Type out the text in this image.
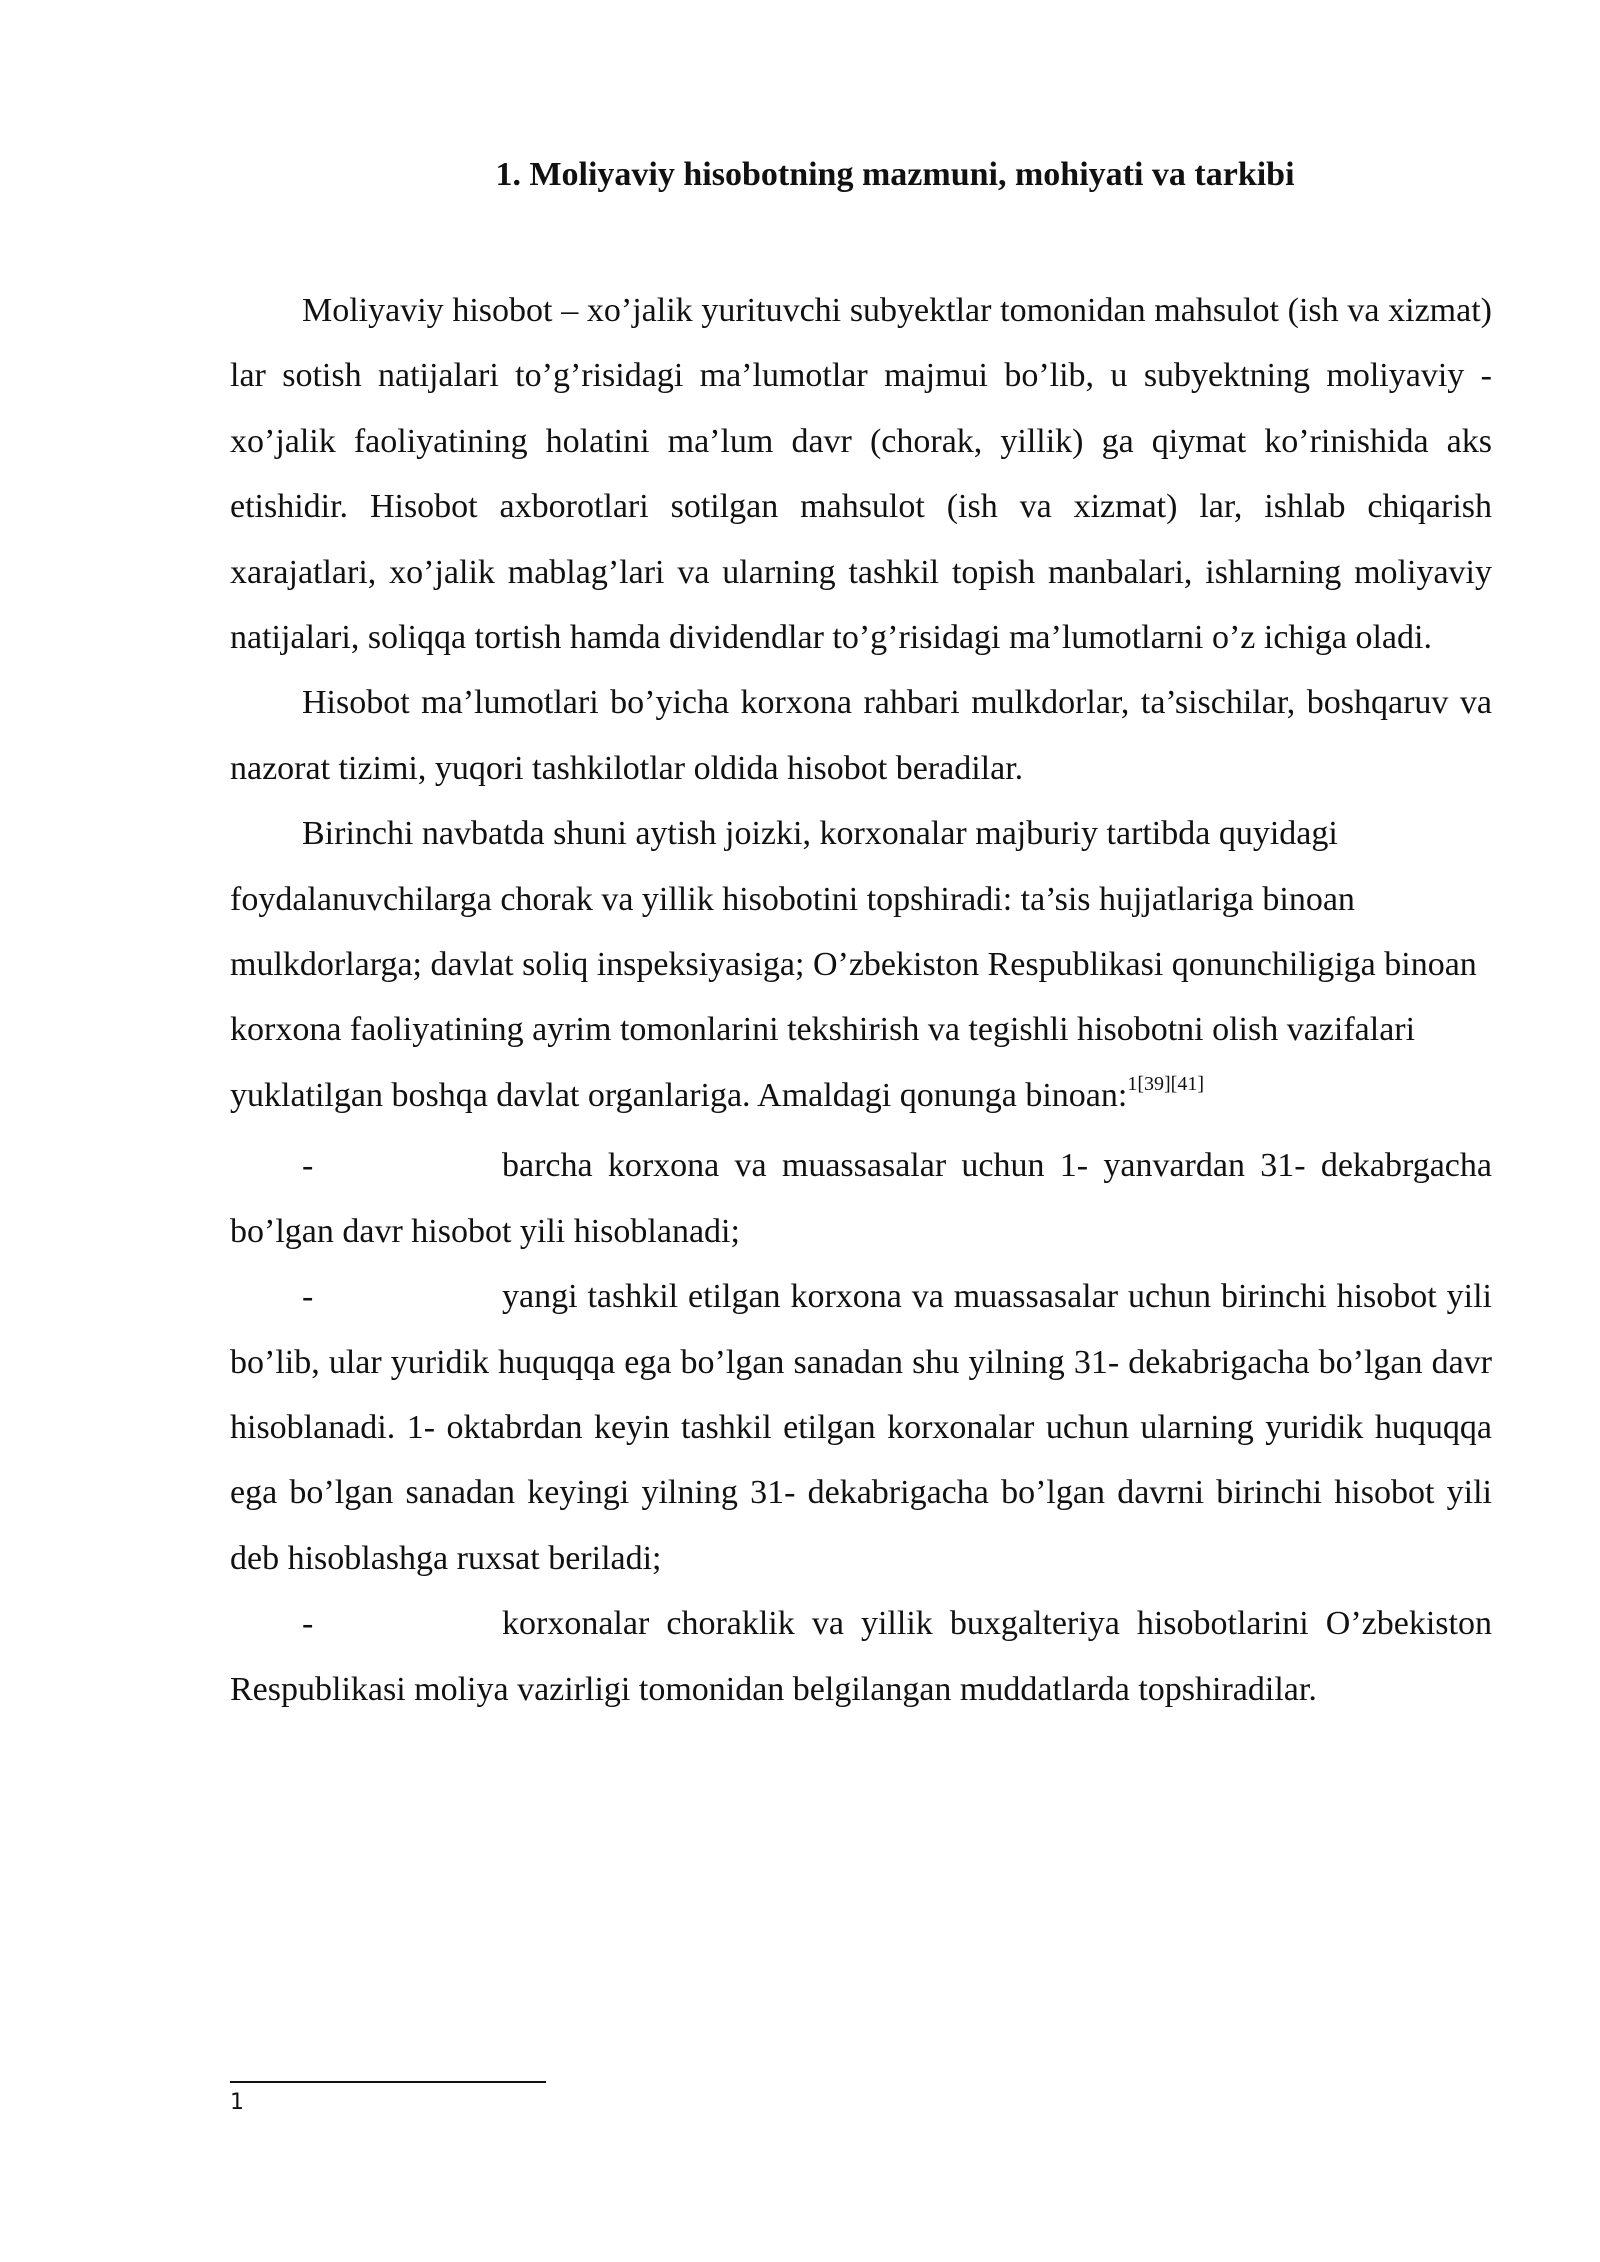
1. Moliyaviy hisobotning mazmuni, mohiyati va tarkibi

Moliyaviy hisobot – xo’jalik yurituvchi subyektlar tomonidan mahsulot (ish va xizmat) lar sotish natijalari to’g’risidagi ma’lumotlar majmui bo’lib, u subyektning moliyaviy -xo’jalik faoliyatining holatini ma’lum davr (chorak, yillik) ga qiymat ko’rinishida aks etishidir. Hisobot axborotlari sotilgan mahsulot (ish va xizmat) lar, ishlab chiqarish xarajatlari, xo’jalik mablag’lari va ularning tashkil topish manbalari, ishlarning moliyaviy natijalari, soliqqa tortish hamda dividendlar to’g’risidagi ma’lumotlarni o’z ichiga oladi.

Hisobot ma’lumotlari bo’yicha korxona rahbari mulkdorlar, ta’sischilar, boshqaruv va nazorat tizimi, yuqori tashkilotlar oldida hisobot beradilar.

Birinchi navbatda shuni aytish joizki, korxonalar majburiy tartibda quyidagi foydalanuvchilarga chorak va yillik hisobotini topshiradi: ta’sis hujjatlariga binoan mulkdorlarga; davlat soliq inspeksiyasiga; O’zbekiston Respublikasi qonunchiligiga binoan korxona faoliyatining ayrim tomonlarini tekshirish va tegishli hisobotni olish vazifalari yuklatilgan boshqa davlat organlariga. Amaldagi qonunga binoan:$^{1[39][41]}$

-	barcha korxona va muassasalar uchun 1- yanvardan 31- dekabrgacha bo’lgan davr hisobot yili hisoblanadi;

-	yangi tashkil etilgan korxona va muassasalar uchun birinchi hisobot yili bo’lib, ular yuridik huquqqa ega bo’lgan sanadan shu yilning 31- dekabrigacha bo’lgan davr hisoblanadi. 1- oktabrdan keyin tashkil etilgan korxonalar uchun ularning yuridik huquqqa ega bo’lgan sanadan keyingi yilning 31- dekabrigacha bo’lgan davrni birinchi hisobot yili deb hisoblashga ruxsat beriladi;

-	korxonalar choraklik va yillik buxgalteriya hisobotlarini O’zbekiston Respublikasi moliya vazirligi tomonidan belgilangan muddatlarda topshiradilar.

1
